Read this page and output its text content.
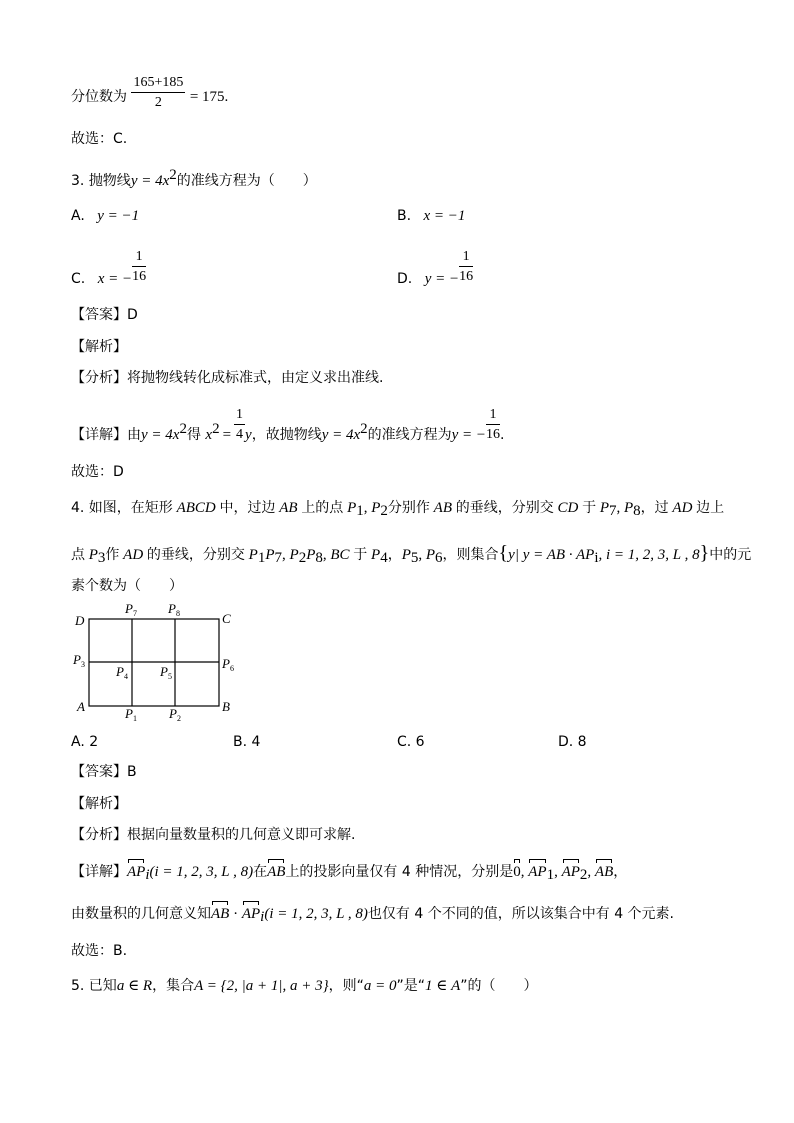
分位数为 $\frac{165+185}{2} = 175$.
故选：C.
3. 抛物线$y = 4x^2$的准线方程为（　　）
A. y = −1	B. x = −1
C. x = − $\frac{1}{16}$	D. y = − $\frac{1}{16}$
【答案】D
【解析】
【分析】将抛物线转化成标准式，由定义求出准线.
【详解】由$y = 4x^2$得 $x^2 = \frac{1}{4}$ y，故抛物线$y = 4x^2$的准线方程为y = − $\frac{1}{16}$ .
故选：D
4. 如图，在矩形 ABCD 中，过边 AB 上的点 $P_1$, $P_2$分别作 AB 的垂线，分别交 CD 于 $P_7$, $P_8$，过 AD 边上
点 $P_3$作 AD 的垂线，分别交 $P_1P_7$, $P_2P_8$, BC 于 $P_4$，$P_5$, $P_6$，则集合{y| y = AB · $AP_i$, i = 1, 2, 3, L , 8}中的元
素个数为（　　）
D	C
A	B
P	P
P
P	P
P
P	P
7	8
3
4	5
6
1	2
A. 2	B. 4	C. 6	D. 8
【答案】B
【解析】
【分析】根据向量数量积的几何意义即可求解.
【详解】$AP_i(i = 1$, 2, 3, L , 8)在AB上的投影向量仅有 4 种情况，分别是0, $AP_1$, $AP_2$, AB，
由数量积的几何意义知AB · $AP_i(i = 1$, 2, 3, L , 8)也仅有 4 个不同的值，所以该集合中有 4 个元素.
故选：B.
5. 已知a ∈ R，集合A = {2, |a + 1|, a + 3}，则“a = 0”是“1 ∈ A”的（　　）
